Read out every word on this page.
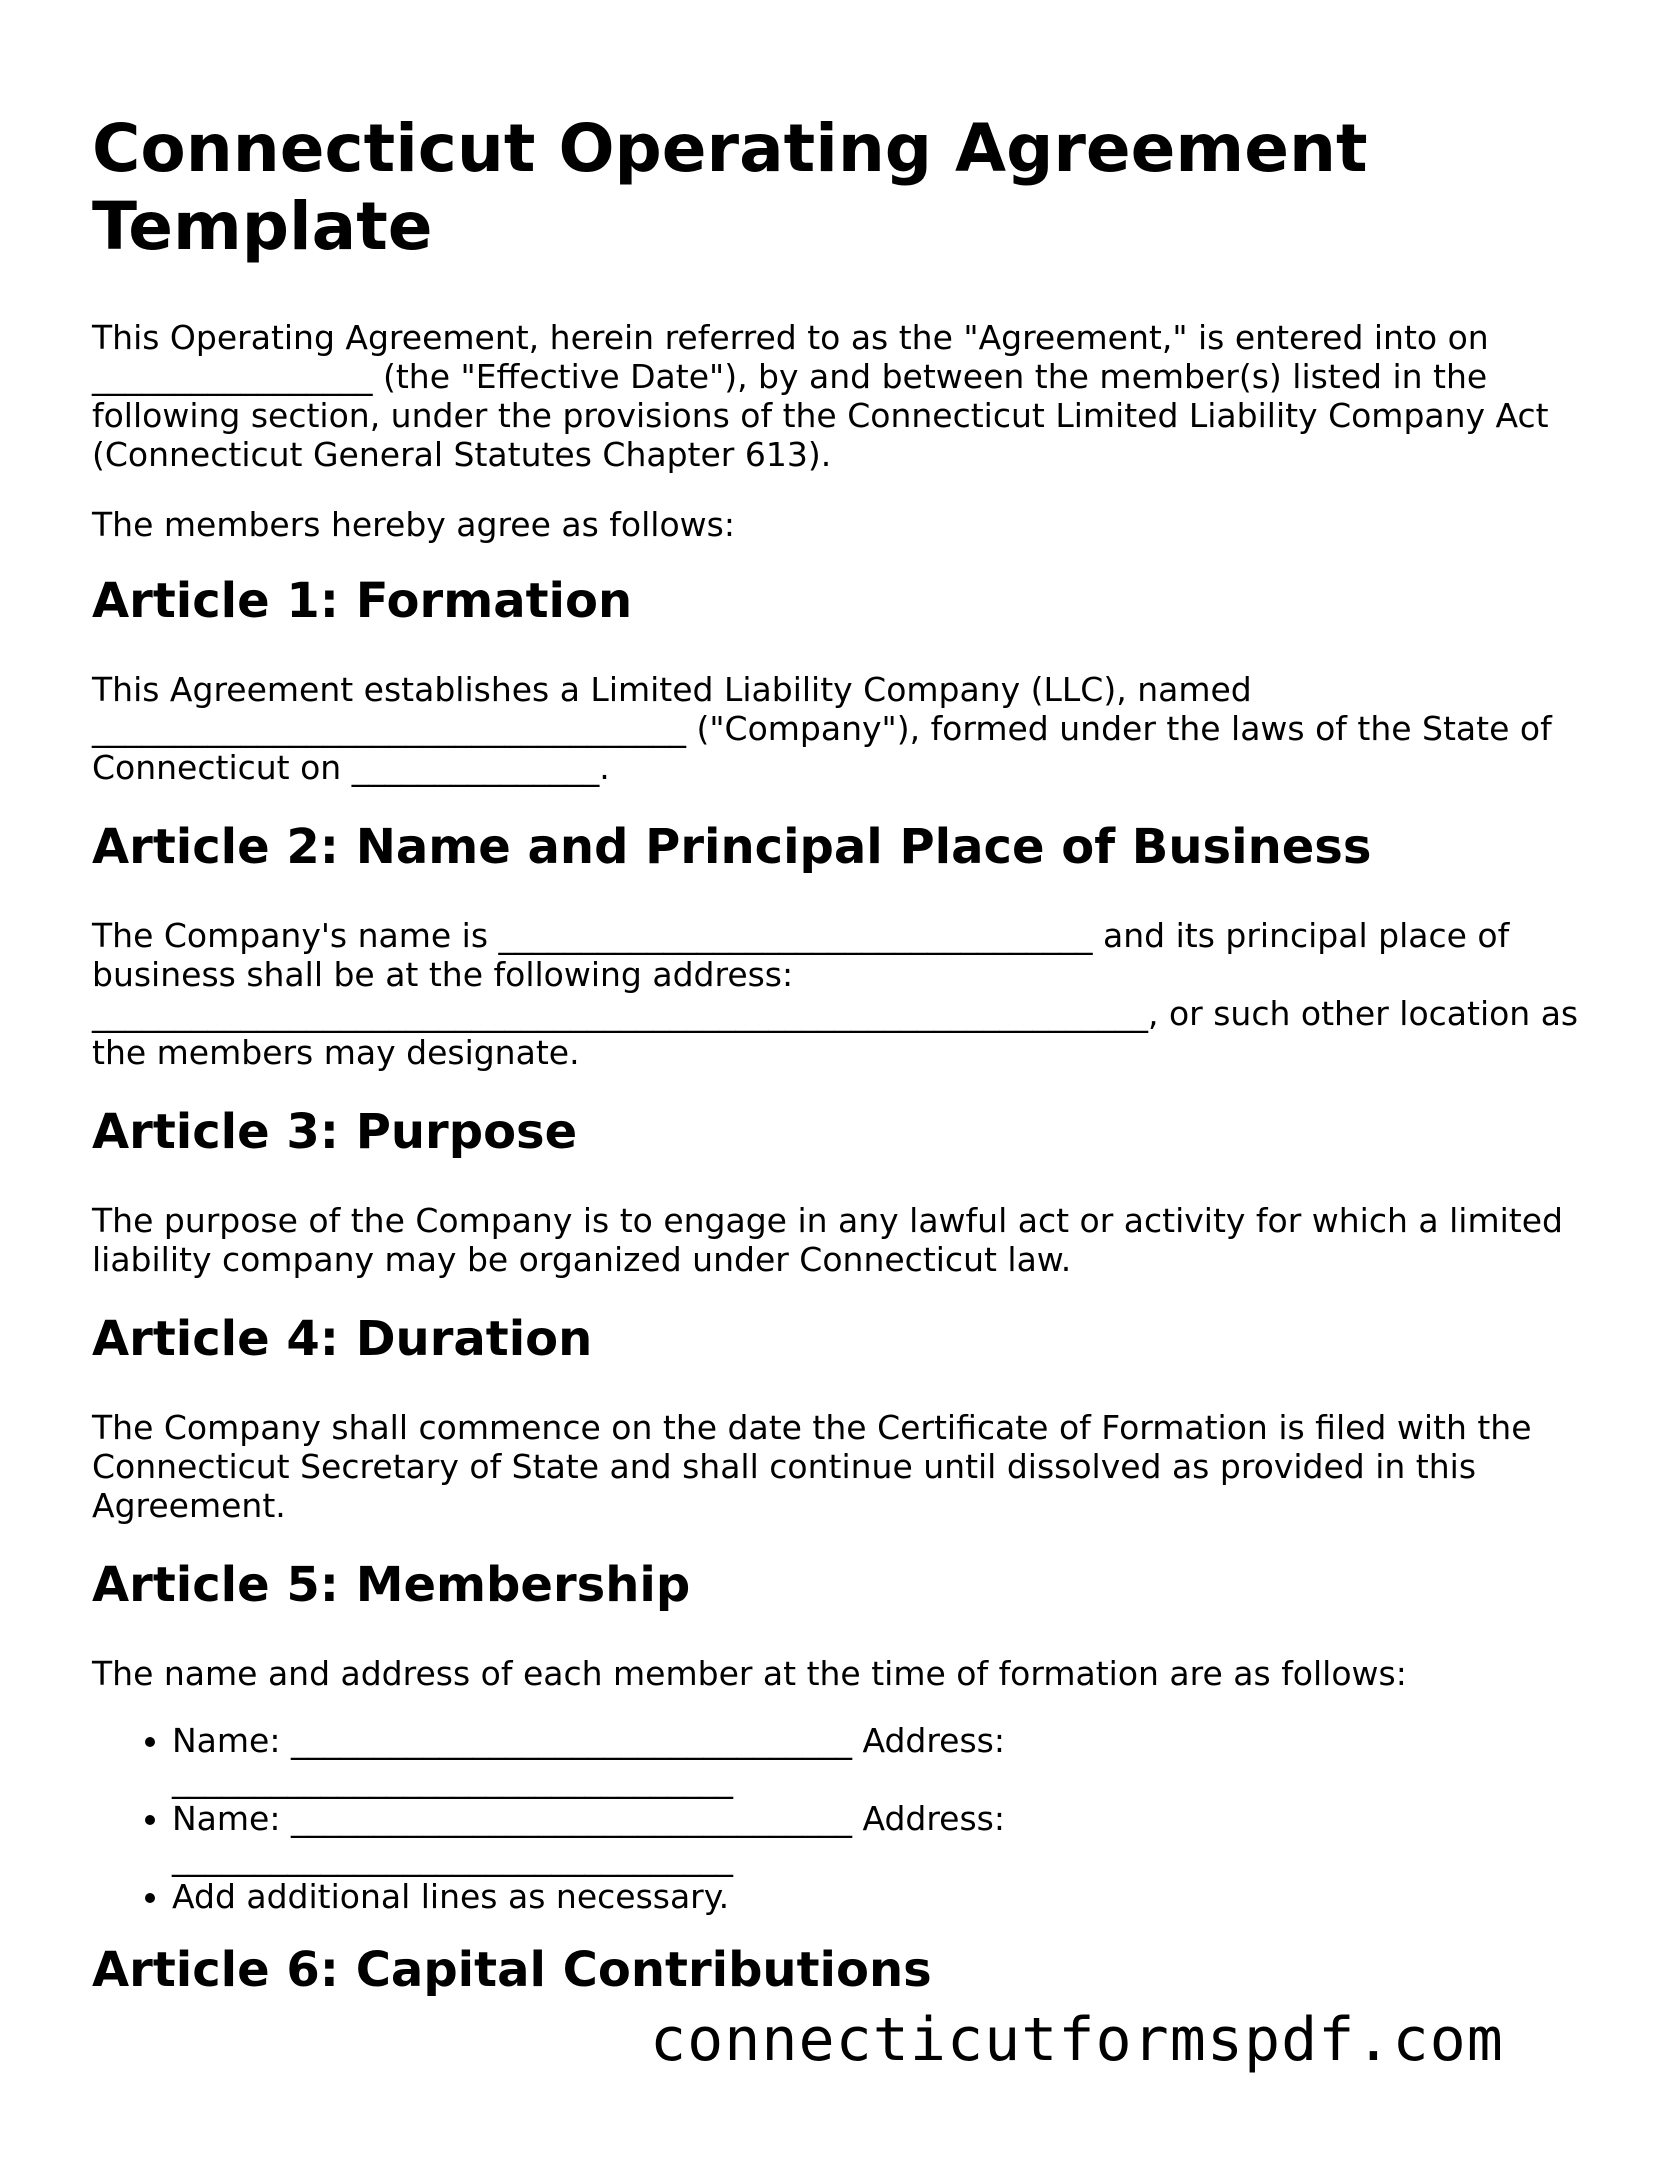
Connecticut Operating Agreement Template

This Operating Agreement, herein referred to as the "Agreement," is entered into on _________________ (the "Effective Date"), by and between the member(s) listed in the following section, under the provisions of the Connecticut Limited Liability Company Act (Connecticut General Statutes Chapter 613).

The members hereby agree as follows:

Article 1: Formation

This Agreement establishes a Limited Liability Company (LLC), named ____________________________________ ("Company"), formed under the laws of the State of Connecticut on _______________.

Article 2: Name and Principal Place of Business

The Company's name is ____________________________________ and its principal place of business shall be at the following address: ________________________________________________________________, or such other location as the members may designate.

Article 3: Purpose

The purpose of the Company is to engage in any lawful act or activity for which a limited liability company may be organized under Connecticut law.

Article 4: Duration

The Company shall commence on the date the Certificate of Formation is filed with the Connecticut Secretary of State and shall continue until dissolved as provided in this Agreement.

Article 5: Membership

The name and address of each member at the time of formation are as follows:

• Name: __________________________________ Address: __________________________________
• Name: __________________________________ Address: __________________________________
• Add additional lines as necessary.
Article 6: Capital Contributions
connecticutformspdf.com
